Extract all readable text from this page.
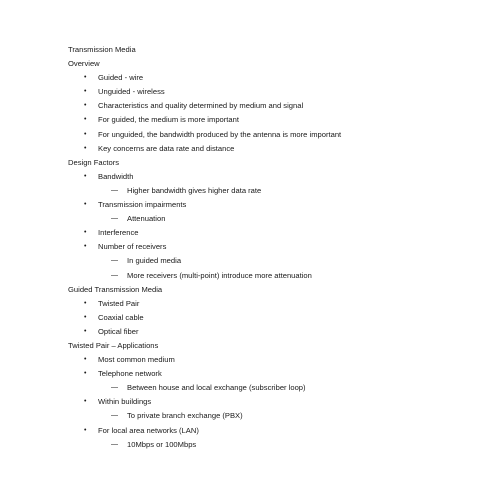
Transmission Media
Overview
• Guided - wire
• Unguided - wireless
• Characteristics and quality determined by medium and signal
• For guided, the medium is more important
• For unguided, the bandwidth produced by the antenna is more important
• Key concerns are data rate and distance
Design Factors
• Bandwidth
— Higher bandwidth gives higher data rate
• Transmission impairments
— Attenuation
• Interference
• Number of receivers
— In guided media
— More receivers (multi-point) introduce more attenuation
Guided Transmission Media
• Twisted Pair
• Coaxial cable
• Optical fiber
Twisted Pair – Applications
• Most common medium
• Telephone network
— Between house and local exchange (subscriber loop)
• Within buildings
— To private branch exchange (PBX)
• For local area networks (LAN)
— 10Mbps or 100Mbps
